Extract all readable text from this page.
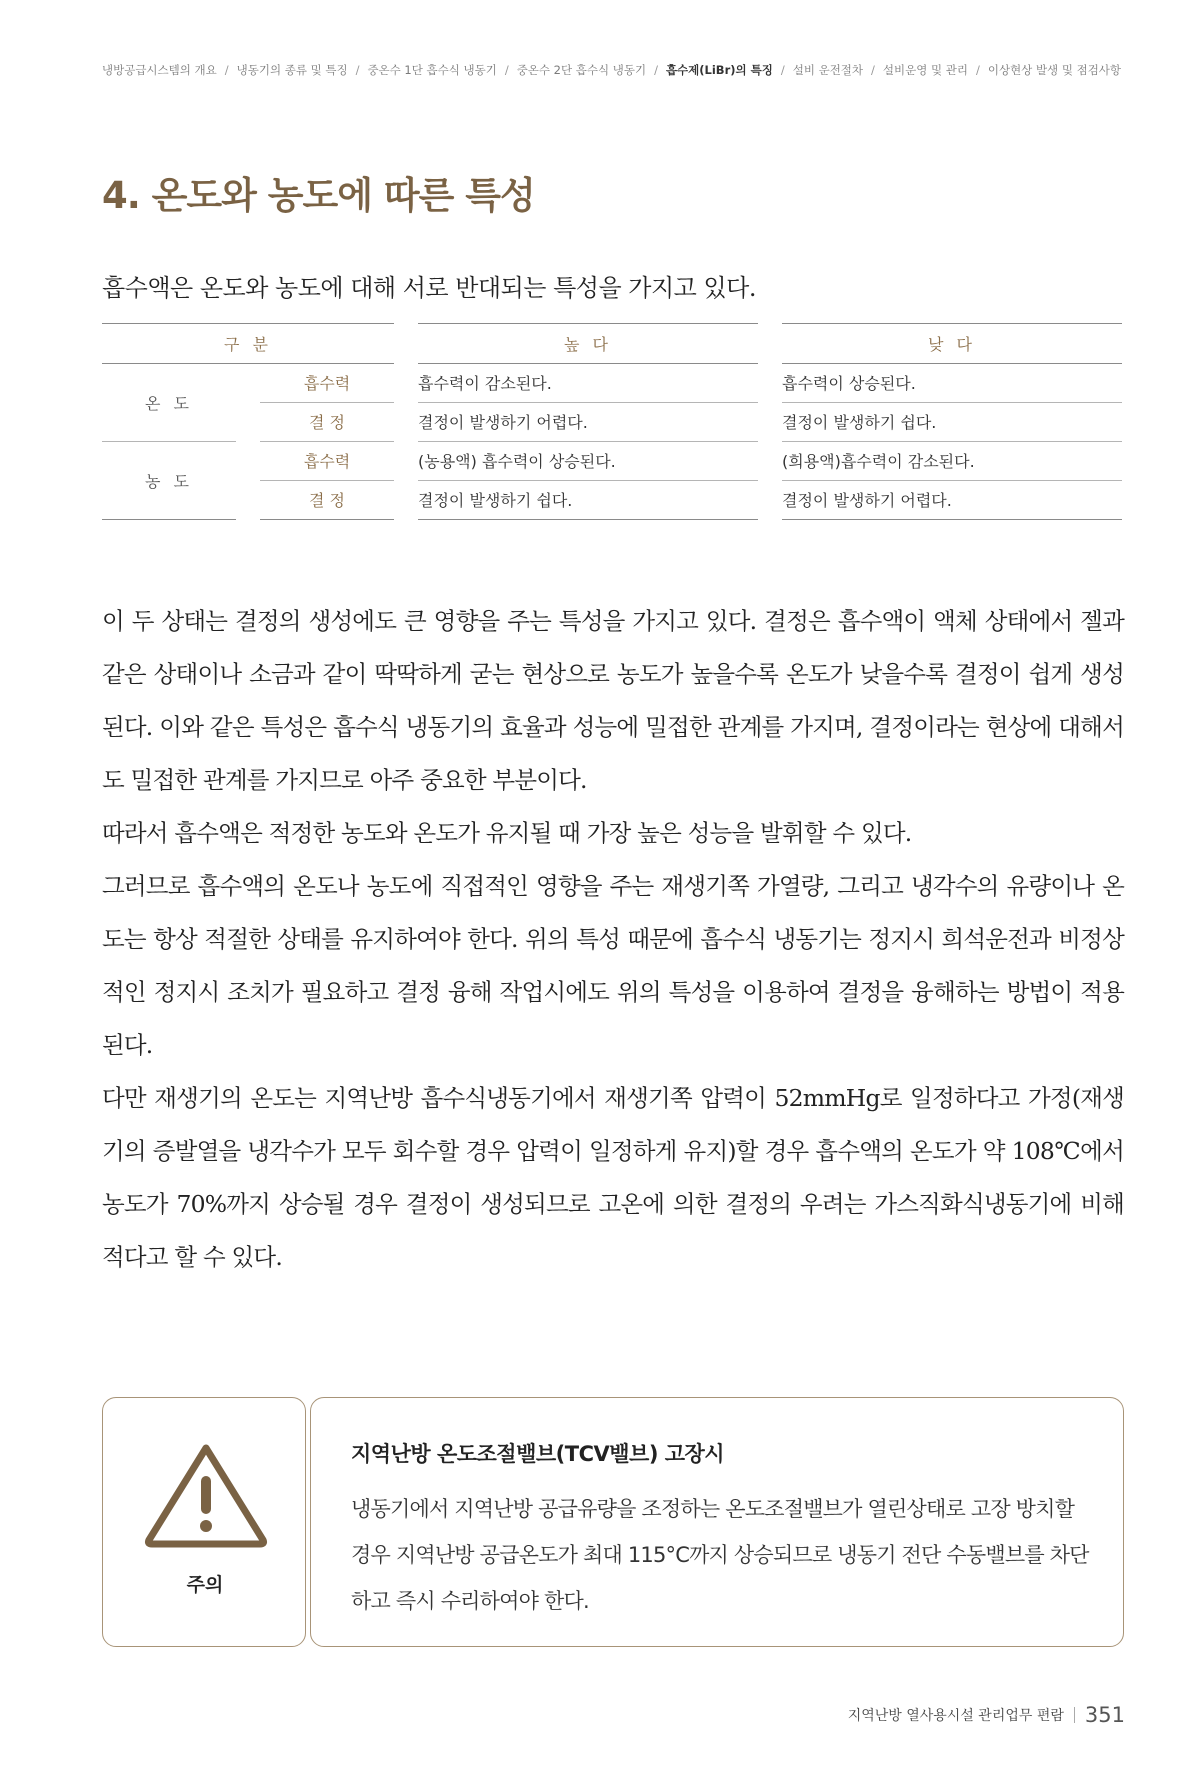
냉방공급시스템의 개요 / 냉동기의 종류 및 특징 / 중온수 1단 흡수식 냉동기 / 중온수 2단 흡수식 냉동기 / 흡수제(LiBr)의 특징 / 설비 운전절차 / 설비운영 및 관리 / 이상현상 발생 및 점검사항
4. 온도와 농도에 따른 특성
흡수액은 온도와 농도에 대해 서로 반대되는 특성을 가지고 있다.
구 분	높 다	낮 다
온 도
흡수력	흡수력이 감소된다.	흡수력이 상승된다.
결 정	결정이 발생하기 어렵다.	결정이 발생하기 쉽다.
농 도
흡수력	(농용액) 흡수력이 상승된다.	(희용액)흡수력이 감소된다.
결 정	결정이 발생하기 쉽다.	결정이 발생하기 어렵다.

이 두 상태는 결정의 생성에도 큰 영향을 주는 특성을 가지고 있다. 결정은 흡수액이 액체 상태에서 젤과 같은 상태이나 소금과 같이 딱딱하게 굳는 현상으로 농도가 높을수록 온도가 낮을수록 결정이 쉽게 생성된다. 이와 같은 특성은 흡수식 냉동기의 효율과 성능에 밀접한 관계를 가지며, 결정이라는 현상에 대해서도 밀접한 관계를 가지므로 아주 중요한 부분이다.

따라서 흡수액은 적정한 농도와 온도가 유지될 때 가장 높은 성능을 발휘할 수 있다.

그러므로 흡수액의 온도나 농도에 직접적인 영향을 주는 재생기쪽 가열량, 그리고 냉각수의 유량이나 온도는 항상 적절한 상태를 유지하여야 한다. 위의 특성 때문에 흡수식 냉동기는 정지시 희석운전과 비정상적인 정지시 조치가 필요하고 결정 융해 작업시에도 위의 특성을 이용하여 결정을 융해하는 방법이 적용된다.

다만 재생기의 온도는 지역난방 흡수식냉동기에서 재생기쪽 압력이 52mmHg로 일정하다고 가정(재생기의 증발열을 냉각수가 모두 회수할 경우 압력이 일정하게 유지)할 경우 흡수액의 온도가 약 108℃에서 농도가 70%까지 상승될 경우 결정이 생성되므로 고온에 의한 결정의 우려는 가스직화식냉동기에 비해 적다고 할 수 있다.

주의
지역난방 온도조절밸브(TCV밸브) 고장시
냉동기에서 지역난방 공급유량을 조정하는 온도조절밸브가 열린상태로 고장 방치할 경우 지역난방 공급온도가 최대 115°C까지 상승되므로 냉동기 전단 수동밸브를 차단하고 즉시 수리하여야 한다.
지역난방 열사용시설 관리업무 편람 351
